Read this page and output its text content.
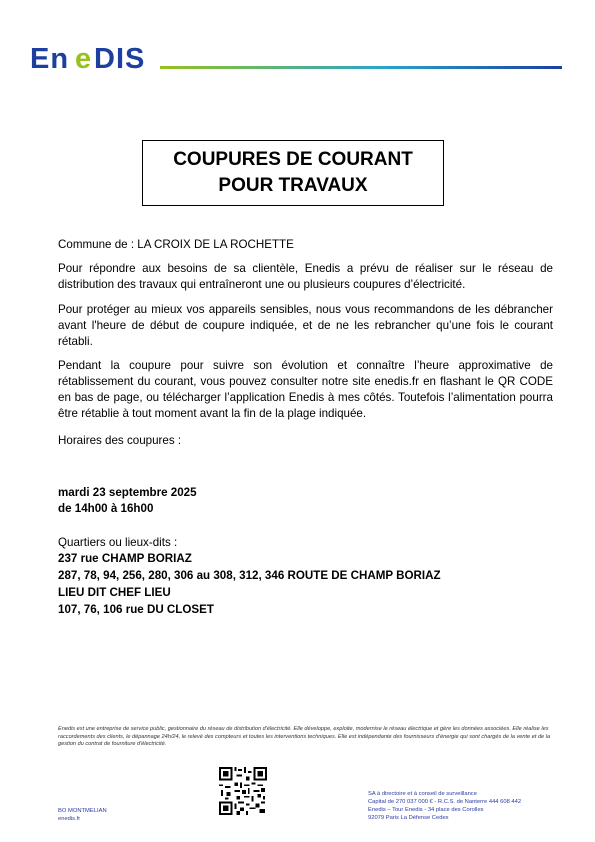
En e DIS
COUPURES DE COURANT
POUR TRAVAUX
Commune de : LA CROIX DE LA ROCHETTE
Pour répondre aux besoins de sa clientèle, Enedis a prévu de réaliser sur le réseau de distribution des travaux qui entraîneront une ou plusieurs coupures d’électricité.
Pour protéger au mieux vos appareils sensibles, nous vous recommandons de les débrancher avant l'heure de début de coupure indiquée, et de ne les rebrancher qu’une fois le courant rétabli.
Pendant la coupure pour suivre son évolution et connaître l’heure approximative de rétablissement du courant, vous pouvez consulter notre site enedis.fr en flashant le QR CODE en bas de page, ou télécharger l’application Enedis à mes côtés. Toutefois l’alimentation pourra être rétablie à tout moment avant la fin de la plage indiquée.
Horaires des coupures :
mardi 23 septembre 2025
de 14h00 à 16h00
Quartiers ou lieux-dits :
237 rue CHAMP BORIAZ
287, 78, 94, 256, 280, 306 au 308, 312, 346 ROUTE DE CHAMP BORIAZ
LIEU DIT CHEF LIEU
107, 76, 106 rue DU CLOSET
Enedis est une entreprise de service public, gestionnaire du réseau de distribution d'électricité. Elle développe, exploite, modernise le réseau électrique et gère les données associées. Elle réalise les raccordements des clients, le dépannage 24h/24, le relevé des compteurs et toutes les interventions techniques. Elle est indépendante des fournisseurs d'énergie qui sont chargés de la vente et de la gestion du contrat de fourniture d'électricité.
BO MONTMELIAN
enedis.fr
SA à directoire et à conseil de surveillance
Capital de 270 037 000 € - R.C.S. de Nanterre 444 608 442
Enedis – Tour Enedis - 34 place des Corolles
92079 Paris La Défense Cedex
